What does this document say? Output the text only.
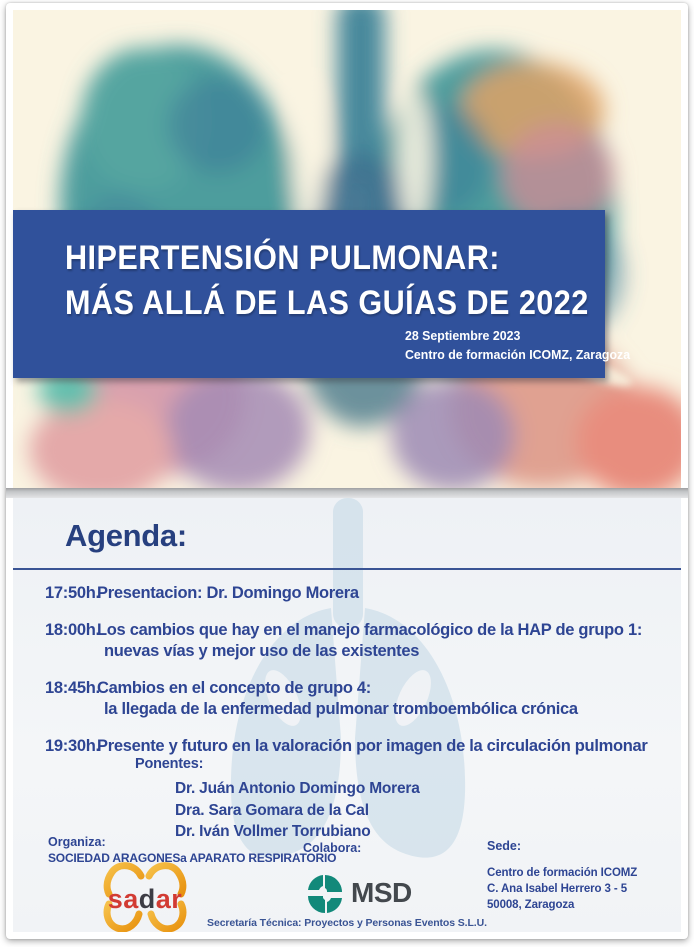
HIPERTENSIÓN PULMONAR:
MÁS ALLÁ DE LAS GUÍAS DE 2022
28 Septiembre 2023
Centro de formación ICOMZ, Zaragoza
Agenda:
17:50h.
Presentacion: Dr. Domingo Morera
18:00h.
Los cambios que hay en el manejo farmacológico de la HAP de grupo 1:
nuevas vías y mejor uso de las existentes
18:45h.
Cambios en el concepto de grupo 4:
la llegada de la enfermedad pulmonar tromboembólica crónica
19:30h.
Presente y futuro en la valoración por imagen de la circulación pulmonar
Ponentes:
Dr. Juán Antonio Domingo Morera
Dra. Sara Gomara de la Cal
Dr. Iván Vollmer Torrubiano
Organiza:
SOCIEDAD ARAGONESa APARATO RESPIRATORIO
sadar
Colabora:
MSD
Sede:
Centro de formación ICOMZ
C. Ana Isabel Herrero 3 - 5
50008, Zaragoza
Secretaría Técnica: Proyectos y Personas Eventos S.L.U.
